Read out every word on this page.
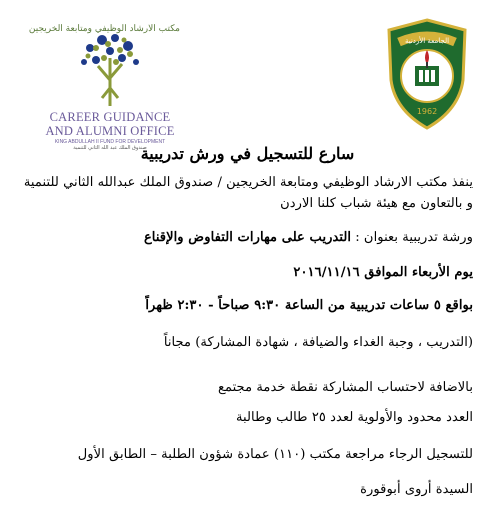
مكتب الارشاد الوظيفي ومتابعة الخريجين
CAREER GUIDANCE
AND ALUMNI OFFICE
KING ABDULLAH II FUND FOR DEVELOPMENT
صندوق الملك عبد الله الثاني للتنمية
الجامعة الأردنية
1962
سارع للتسجيل في ورش تدريبية
ينفذ مكتب الارشاد الوظيفي ومتابعة الخريجين / صندوق الملك عبدالله الثاني للتنمية
و بالتعاون مع هيئة شباب كلنا الاردن
ورشة تدريبية بعنوان : التدريب على مهارات التفاوض والإقناع
يوم الأربعاء الموافق ٢٠١٦/١١/١٦
بواقع ٥ ساعات تدريبية من الساعة ٩:٣٠ صباحاً - ٢:٣٠ ظهراً
(التدريب ، وجبة الغداء والضيافة ، شهادة المشاركة) مجاناً
بالاضافة لاحتساب المشاركة نقطة خدمة مجتمع
العدد محدود والأولوية لعدد ٢٥ طالب وطالبة
للتسجيل الرجاء مراجعة مكتب (١١٠) عمادة شؤون الطلبة – الطابق الأول
السيدة أروى أبوقورة
